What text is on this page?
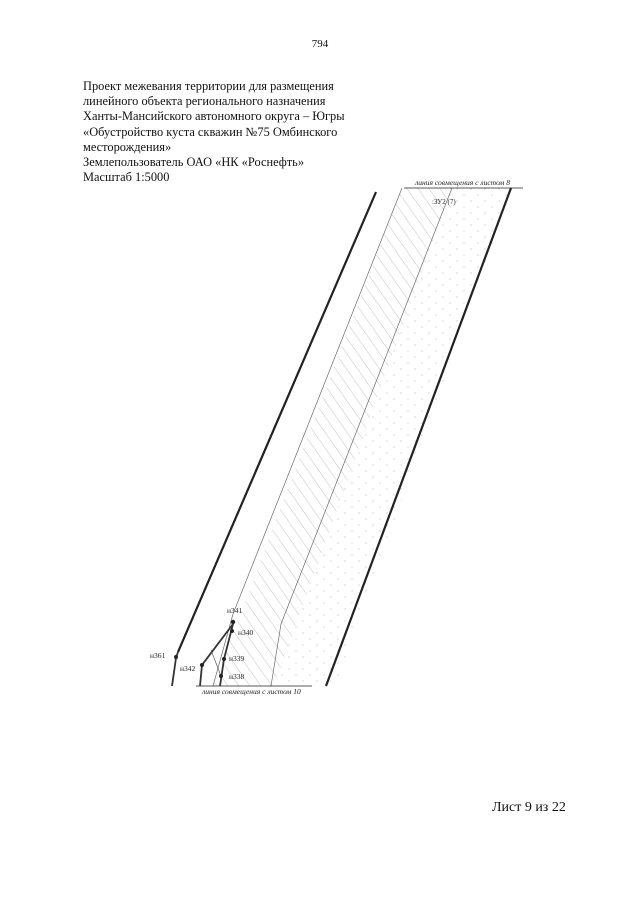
794
Проект межевания территории для размещения
линейного объекта регионального назначения
Ханты-Мансийского автономного округа – Югры
«Обустройство куста скважин №75 Омбинского
месторождения»
Землепользователь ОАО «НК «Роснефть»
Масштаб 1:5000	линия совмещения с листом 8
линия совмещения с листом 10
:ЗУ2 (7)
н341
н340
н339
н338
н342
н361
Лист 9 из 22
